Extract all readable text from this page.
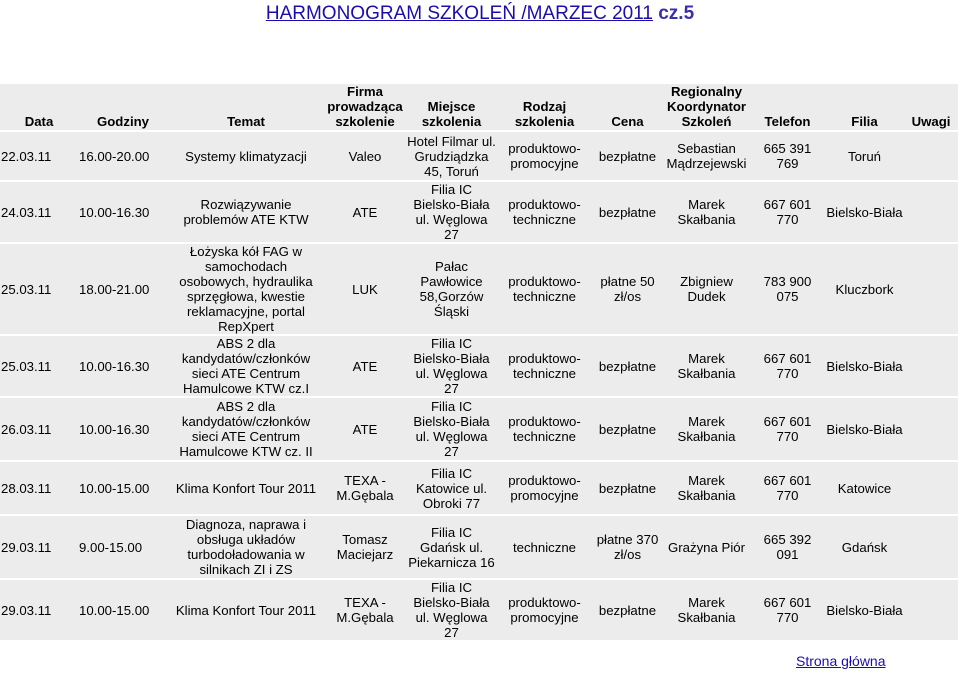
HARMONOGRAM SZKOLEŃ /MARZEC 2011 cz.5
Data	Godziny	Temat	Firma prowadząca szkolenie	Miejsce szkolenia	Rodzaj szkolenia	Cena	Regionalny Koordynator Szkoleń	Telefon	Filia	Uwagi
22.03.11	16.00-20.00	Systemy klimatyzacji	Valeo	Hotel Filmar ul. Grudziądzka 45, Toruń	produktowo-promocyjne	bezpłatne	Sebastian Mądrzejewski	665 391 769	Toruń	
24.03.11	10.00-16.30	Rozwiązywanie problemów ATE KTW	ATE	Filia IC Bielsko-Biała ul. Węglowa 27	produktowo-techniczne	bezpłatne	Marek Skałbania	667 601 770	Bielsko-Biała	
25.03.11	18.00-21.00	Łożyska kół FAG w samochodach osobowych, hydraulika sprzęgłowa, kwestie reklamacyjne, portal RepXpert	LUK	Pałac Pawłowice 58,Gorzów Śląski	produktowo-techniczne	płatne 50 zł/os	Zbigniew Dudek	783 900 075	Kluczbork	
25.03.11	10.00-16.30	ABS 2 dla kandydatów/członków sieci ATE Centrum Hamulcowe KTW cz.I	ATE	Filia IC Bielsko-Biała ul. Węglowa 27	produktowo-techniczne	bezpłatne	Marek Skałbania	667 601 770	Bielsko-Biała	
26.03.11	10.00-16.30	ABS 2 dla kandydatów/członków sieci ATE Centrum Hamulcowe KTW cz. II	ATE	Filia IC Bielsko-Biała ul. Węglowa 27	produktowo-techniczne	bezpłatne	Marek Skałbania	667 601 770	Bielsko-Biała	
28.03.11	10.00-15.00	Klima Konfort Tour 2011	TEXA - M.Gębala	Filia IC Katowice ul. Obroki 77	produktowo-promocyjne	bezpłatne	Marek Skałbania	667 601 770	Katowice	
29.03.11	9.00-15.00	Diagnoza, naprawa i obsługa układów turbodoładowania w silnikach ZI i ZS	Tomasz Maciejarz	Filia IC Gdańsk ul. Piekarnicza 16	techniczne	płatne 370 zł/os	Grażyna Piór	665 392 091	Gdańsk	
29.03.11	10.00-15.00	Klima Konfort Tour 2011	TEXA - M.Gębala	Filia IC Bielsko-Biała ul. Węglowa 27	produktowo-promocyjne	bezpłatne	Marek Skałbania	667 601 770	Bielsko-Biała	
Strona główna
